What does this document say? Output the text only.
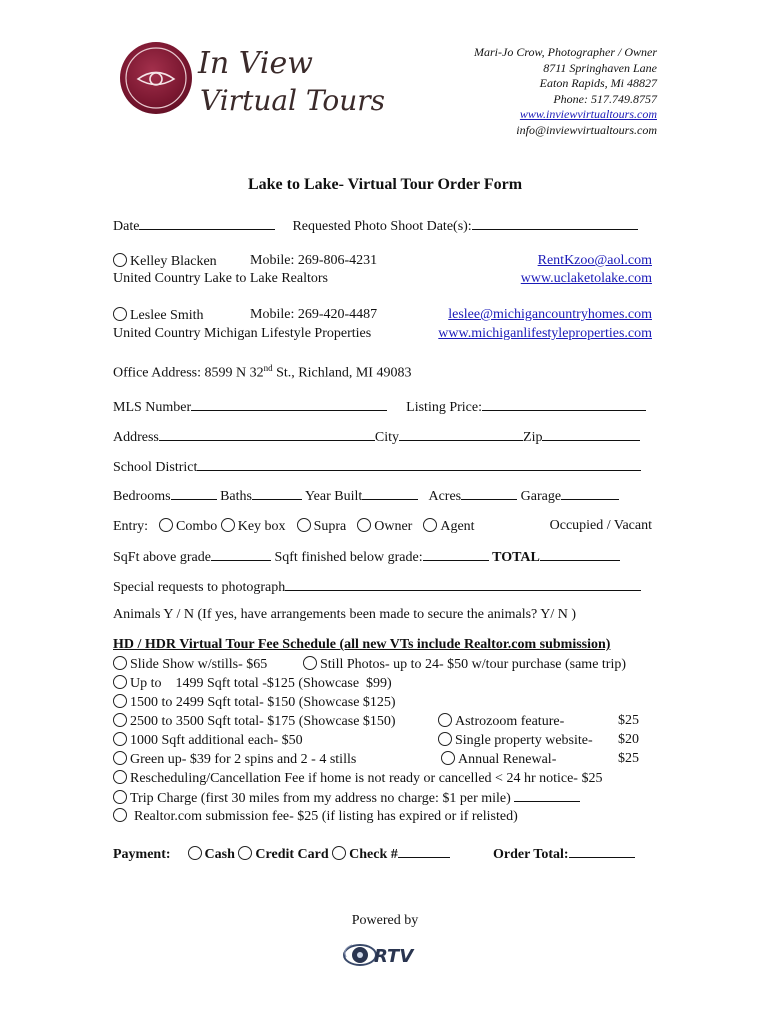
In View
Virtual Tours
Mari-Jo Crow, Photographer / Owner
8711 Springhaven Lane
Eaton Rapids, Mi 48827
Phone: 517.749.8757
www.inviewvirtualtours.com
info@inviewvirtualtours.com
Lake to Lake- Virtual Tour Order Form
Date	Requested Photo Shoot Date(s):
Kelley Blacken Mobile: 269-806-4231
United Country Lake to Lake Realtors
RentKzoo@aol.com
www.uclaketolake.com
Leslee Smith	Mobile: 269-420-4487
United Country Michigan Lifestyle Properties
leslee@michigancountryhomes.com
www.michiganlifestyleproperties.com
Office Address: 8599 N 32nd St., Richland, MI 49083
MLS Number	Listing Price:
Address	City	Zip
School District
Bedrooms	Baths	Year Built	Acres	Garage
Entry: Combo Key box Supra Owner Agent	Occupied / Vacant
SqFt above grade	Sqft finished below grade:	TOTAL
Special requests to photograph
Animals Y / N (If yes, have arrangements been made to secure the animals? Y/ N )
HD / HDR Virtual Tour Fee Schedule (all new VTs include Realtor.com submission)
Slide Show w/stills- $65	Still Photos- up to 24- $50 w/tour purchase (same trip)
Up to    1499 Sqft total -$125 (Showcase  $99)
1500 to 2499 Sqft total- $150 (Showcase $125)
2500 to 3500 Sqft total- $175 (Showcase $150)	Astrozoom feature-	$25
1000 Sqft additional each- $50	Single property website- $20
Green up- $39 for 2 spins and 2 - 4 stills	Annual Renewal-	$25
Rescheduling/Cancellation Fee if home is not ready or cancelled < 24 hr notice- $25
Trip Charge (first 30 miles from my address no charge: $1 per mile)
Realtor.com submission fee- $25 (if listing has expired or if relisted)
Payment: Cash Credit Card Check #	Order Total:
Powered by
RTV
